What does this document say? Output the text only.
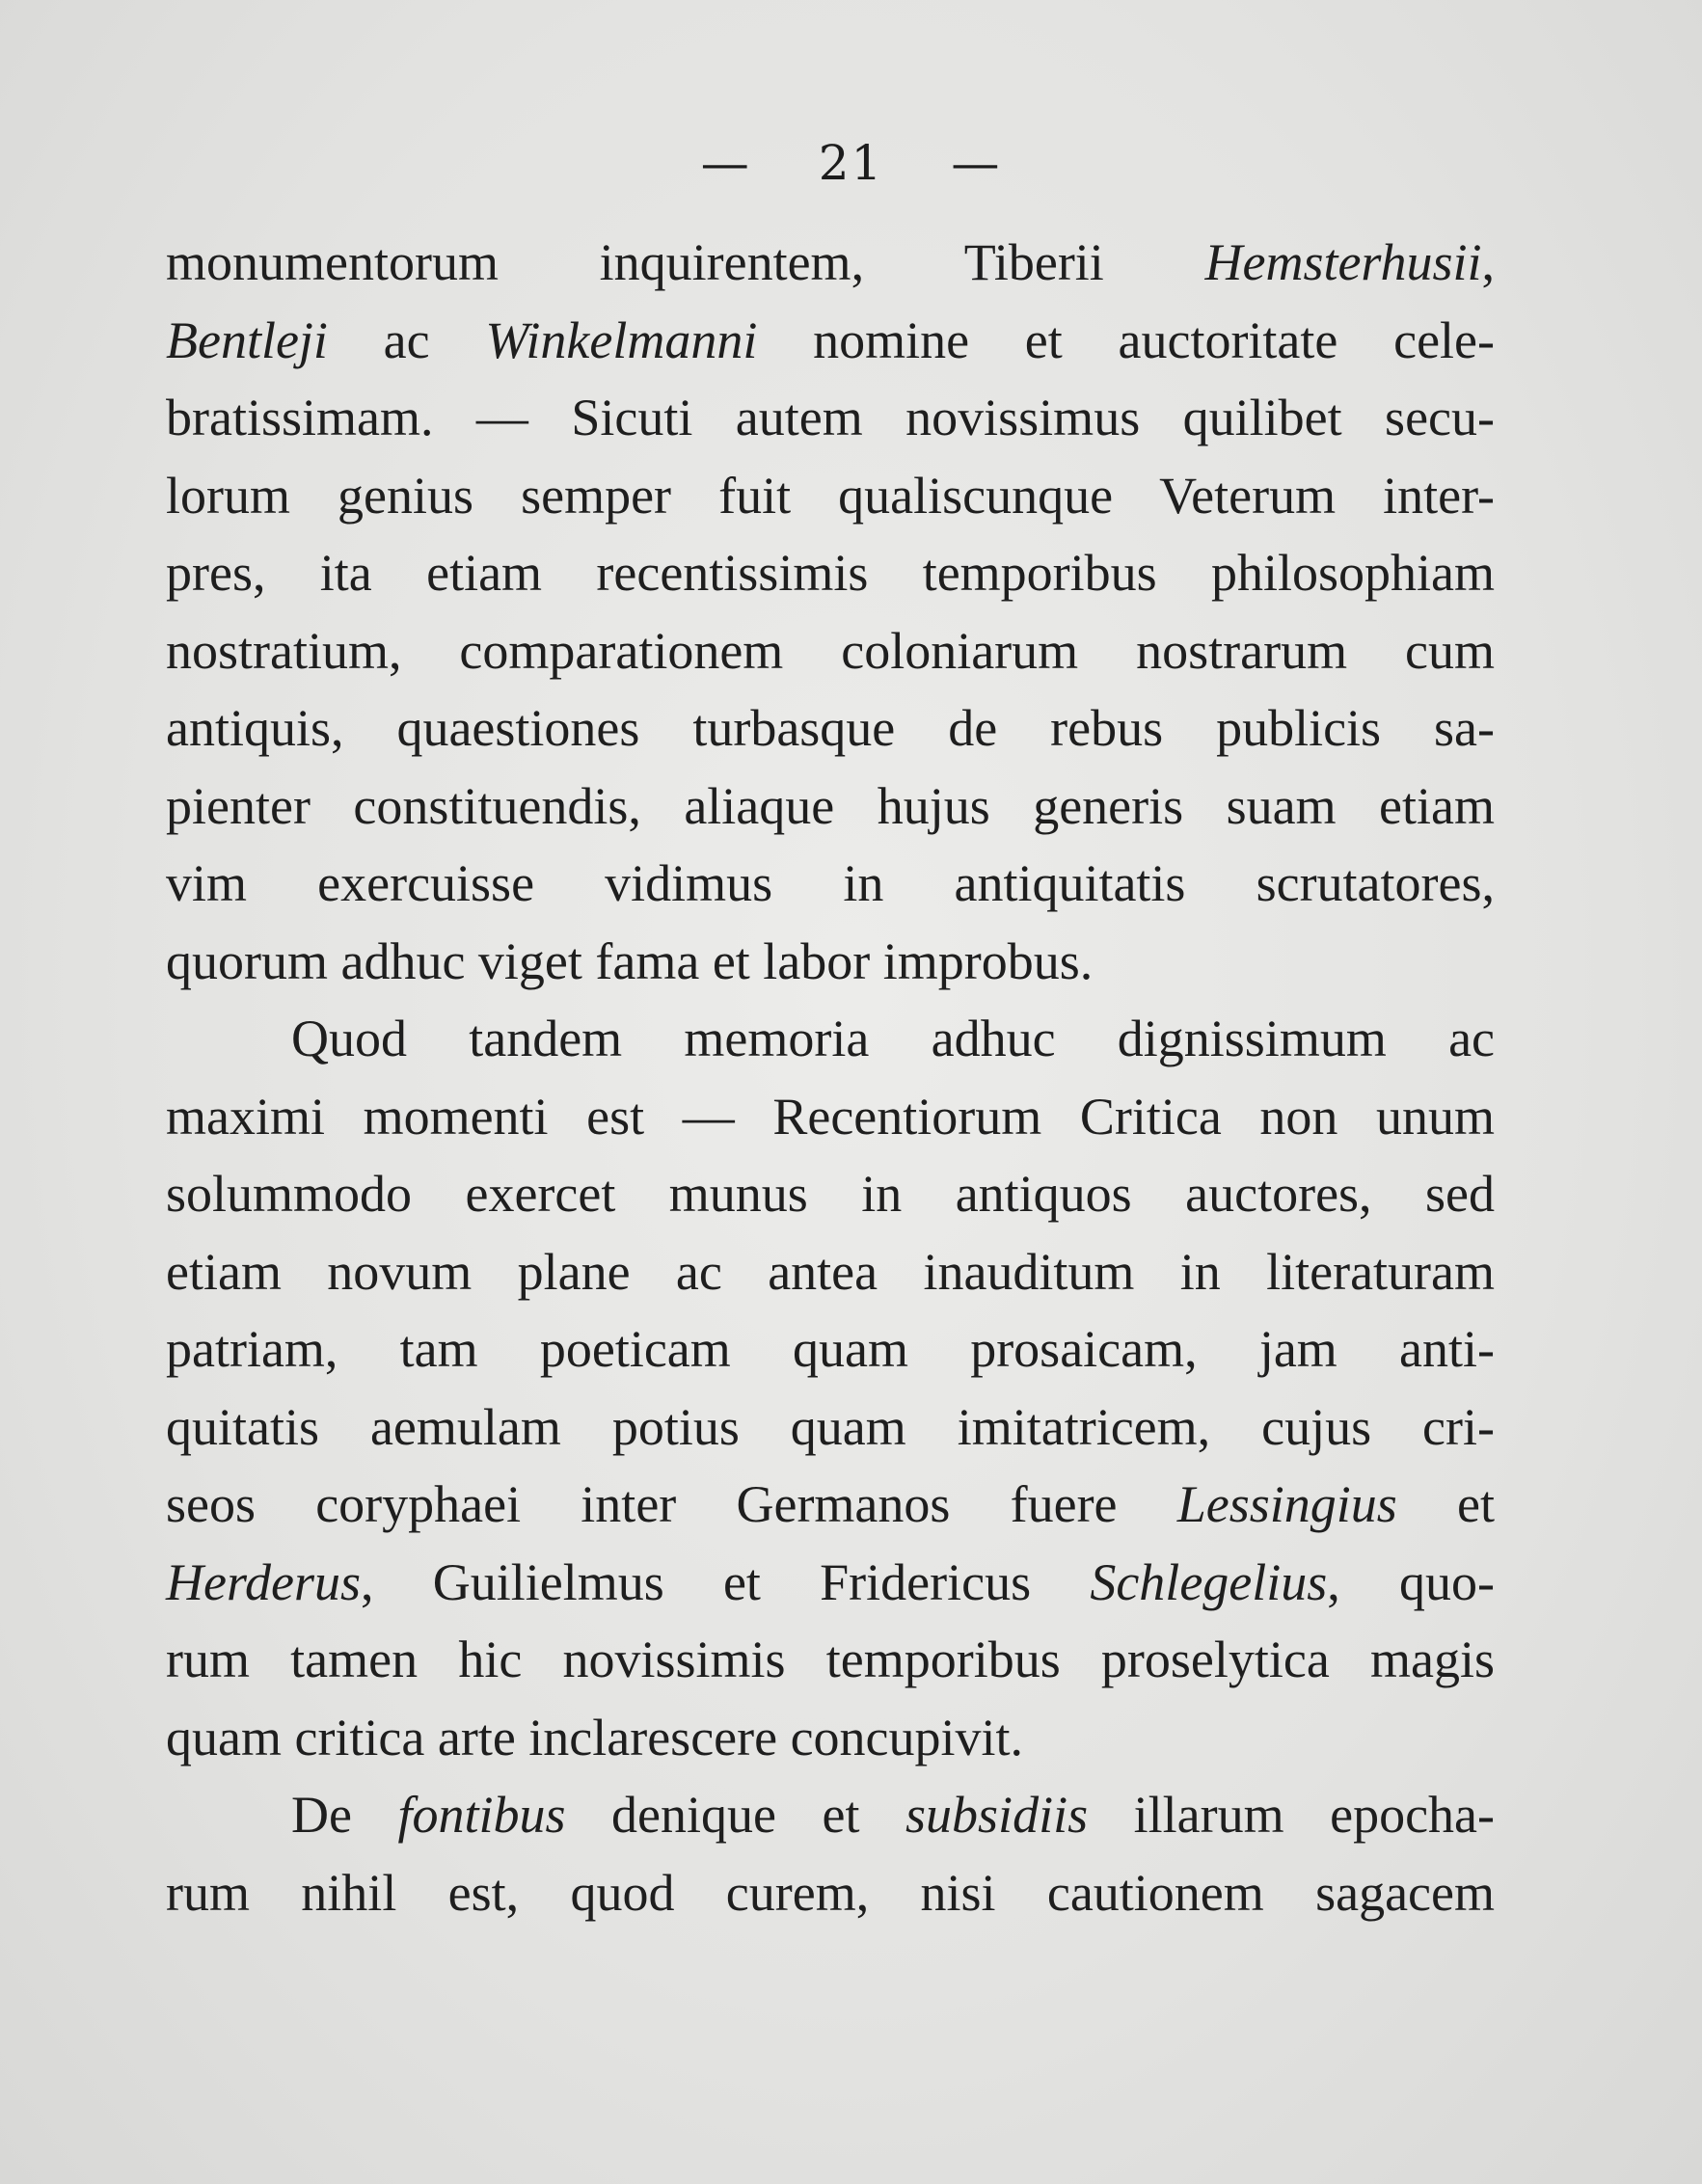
— 21 —
monumentorum inquirentem, Tiberii Hemsterhusii,
Bentleji ac Winkelmanni nomine et auctoritate cele-
bratissimam. — Sicuti autem novissimus quilibet secu-
lorum genius semper fuit qualiscunque Veterum inter-
pres, ita etiam recentissimis temporibus philosophiam
nostratium, comparationem coloniarum nostrarum cum
antiquis, quaestiones turbasque de rebus publicis sa-
pienter constituendis, aliaque hujus generis suam etiam
vim exercuisse vidimus in antiquitatis scrutatores,
quorum adhuc viget fama et labor improbus.
Quod tandem memoria adhuc dignissimum ac
maximi momenti est — Recentiorum Critica non unum
solummodo exercet munus in antiquos auctores, sed
etiam novum plane ac antea inauditum in literaturam
patriam, tam poeticam quam prosaicam, jam anti-
quitatis aemulam potius quam imitatricem, cujus cri-
seos coryphaei inter Germanos fuere Lessingius et
Herderus, Guilielmus et Fridericus Schlegelius, quo-
rum tamen hic novissimis temporibus proselytica magis
quam critica arte inclarescere concupivit.
De fontibus denique et subsidiis illarum epocha-
rum nihil est, quod curem, nisi cautionem sagacem
